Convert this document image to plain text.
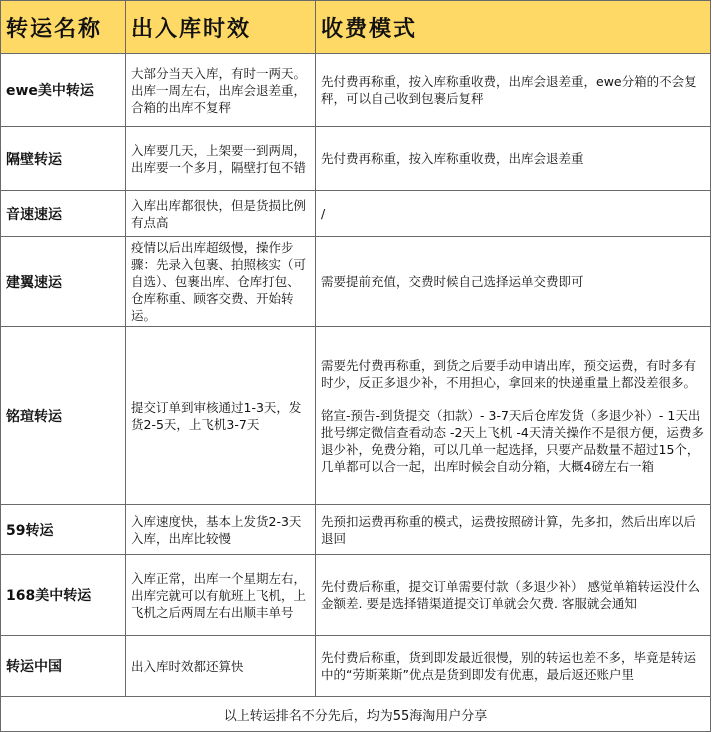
转运名称	出入库时效	收费模式
ewe美中转运	大部分当天入库，有时一两天。出库一周左右，出库会退差重，合箱的出库不复秤	先付费再称重，按入库称重收费，出库会退差重，ewe分箱的不会复秤，可以自己收到包裹后复秤

隔壁转运	入库要几天，上架要一到两周，出库要一个多月，隔壁打包不错	先付费再称重，按入库称重收费，出库会退差重

音速速运	入库出库都很快，但是货损比例有点高	/

建翼速运	疫情以后出库超级慢，操作步骤：先录入包裹、拍照核实（可自选）、包裹出库、仓库打包、仓库称重、顾客交费、开始转运。	需要提前充值，交费时候自己选择运单交费即可

铭瑄转运	提交订单到审核通过1-3天，发货2-5天，上飞机3-7天	需要先付费再称重，到货之后要手动申请出库，预交运费，有时多有时少，反正多退少补，不用担心，拿回来的快递重量上都没差很多。
铭宣-预告-到货提交（扣款）- 3-7天后仓库发货（多退少补）- 1天出批号绑定微信查看动态 -2天上飞机 -4天清关操作不是很方便，运费多退少补，免费分箱，可以几单一起选择，只要产品数量不超过15个，几单都可以合一起，出库时候会自动分箱，大概4磅左右一箱

59转运	入库速度快，基本上发货2-3天入库，出库比较慢	先预扣运费再称重的模式，运费按照磅计算，先多扣，然后出库以后退回

168美中转运	入库正常，出库一个星期左右，出库完就可以有航班上飞机，上飞机之后两周左右出顺丰单号	先付费后称重，提交订单需要付款（多退少补） 感觉单箱转运没什么金额差. 要是选择错渠道提交订单就会欠费. 客服就会通知

转运中国	出入库时效都还算快	先付费后称重，货到即发最近很慢，别的转运也差不多，毕竟是转运中的“劳斯莱斯”优点是货到即发有优惠，最后返还账户里

以上转运排名不分先后，均为55海淘用户分享		
